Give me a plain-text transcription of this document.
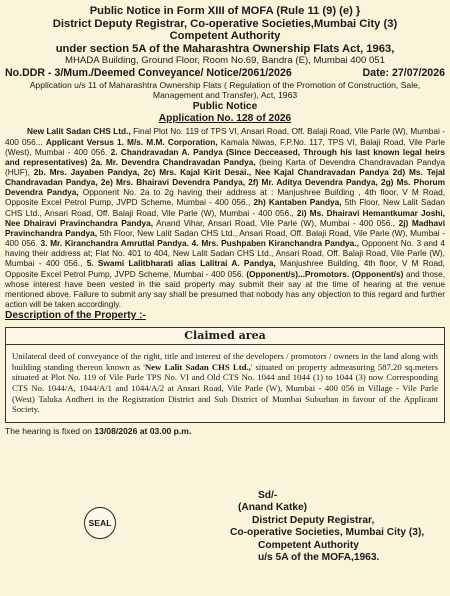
Public Notice in Form XIII of MOFA (Rule 11 (9) (e) }
District Deputy Registrar, Co-operative Societies,Mumbai City (3)
Competent Authority
under section 5A of the Maharashtra Ownership Flats Act, 1963,
MHADA Building, Ground Floor, Room No.69, Bandra (E), Mumbai 400 051
No.DDR - 3/Mum./Deemed Conveyance/ Notice/2061/2026	Date: 27/07/2026
Application u/s 11 of Maharashtra Ownership Flats ( Regulation of the Promotion of Construction, Sale, Management and Transfer), Act, 1963
Public Notice
Application No. 128 of 2026

New Lalit Sadan CHS Ltd., Final Plot No. 119 of TPS VI, Ansari Road, Off. Balaji Road, Vile Parle (W), Mumbai - 400 056... Applicant Versus 1. M/s. M.M. Corporation, Kamala Niwas, F.P.No. 117, TPS VI, Balaji Road, Vile Parle (West), Mumbai - 400 056. 2. Chandravadan A. Pandya (Since Decceased, Through his last known legal heirs and representatives) 2a. Mr. Devendra Chandravadan Pandya, (being Karta of Devendra Chandravadan Pandya (HUF), 2b. Mrs. Jayaben Pandya, 2c) Mrs. Kajal Kirit Desai., Nee Kajal Chandravadan Pandya 2d) Ms. Tejal Chandravadan Pandya, 2e) Mrs. Bhairavi Devendra Pandya, 2f) Mr. Aditya Devendra Pandya, 2g) Ms. Phorum Devendra Pandya, Opponent No. 2a to 2g having their address at : Manjushree Building , 4th floor, V M Road, Opposite Excel Petrol Pump, JVPD Scheme, Mumbai - 400 056., 2h) Kantaben Pandya, 5th Floor, New Lalit Sadan CHS Ltd., Ansari Road, Off. Balaji Road, Vile Parle (W), Mumbai - 400 056., 2i) Ms. Dhairavi Hemantkumar Joshi, Nee Dhairavi Pravinchandra Pandya, Anand Vihar, Ansari Road, Vile Parle (W), Mumbai - 400 056., 2j) Madhavi Pravinchandra Pandya, 5th Floor, New Lalit Sadan CHS Ltd., Ansari Road, Off. Balaji Road, Vile Parle (W), Mumbai - 400 056. 3. Mr. Kiranchandra Amrutlal Pandya. 4. Mrs. Pushpaben Kiranchandra Pandya., Opponent No. 3 and 4 having their address at; Flat No. 401 to 404, New Lalit Sadan CHS Ltd., Ansari Road, Off. Balaji Road, Vile Parle (W), Mumbai - 400 056., 5. Swami Lalitbharati alias Lalitrai A. Pandya, Manjushree Building, 4th floor, V M Road, Opposite Excel Petrol Pump, JVPD Scheme, Mumbai - 400 056. (Opponent/s)...Promotors. (Opponent/s) and those, whose interest have been vested in the said property may submit their say at the time of hearing at the venue mentioned above. Failure to submit any say shall be presumed that nobody has any objection to this regard and further action will be taken accordingly.

Description of the Property :-
Claimed area
Unilateral deed of conveyance of the right, title and interest of the developers / promotors / owners in the land along with building standing thereon known as 'New Lalit Sadan CHS Ltd.,' situated on property admeasuring 587.20 sq.meters situated at Plot No. 119 of Vile Parle TPS No. VI and Old CTS No. 1044 and 1044 (1) to 1044 (3) now Corresponding CTS No. 1044/A, 1044/A/1 and 1044/A/2 at Ansari Road, Vile Parle (W), Mumbai - 400 056 in Village - Vile Parle (West) Taluka Andheri in the Registration District and Sub District of Mumbai Suburban in favour of the Applicant Society.
The hearing is fixed on 13/08/2026 at 03.00 p.m.
SEAL
Sd/-
(Anand Katke)
District Deputy Registrar,
Co-operative Societies, Mumbai City (3),
Competent Authority
u/s 5A of the MOFA,1963.
